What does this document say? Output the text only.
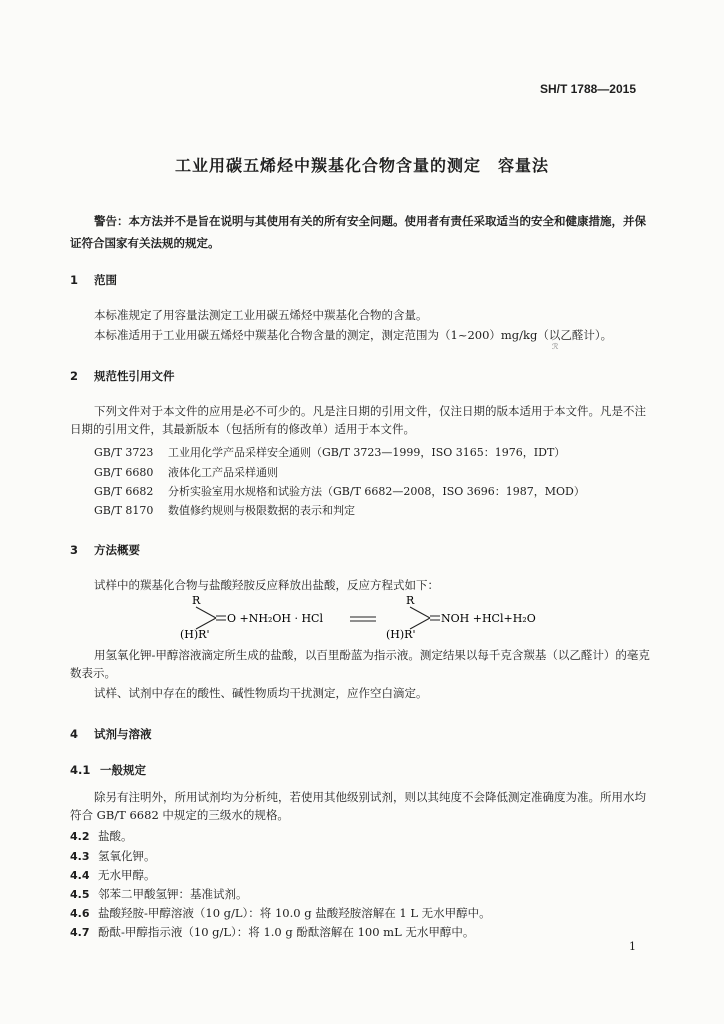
SH/T 1788—2015
工业用碳五烯烃中羰基化合物含量的测定　容量法
警告：本方法并不是旨在说明与其使用有关的所有安全问题。使用者有责任采取适当的安全和健康措施，并保证符合国家有关法规的规定。
1 范围
本标准规定了用容量法测定工业用碳五烯烃中羰基化合物的含量。
本标准适用于工业用碳五烯烃中羰基化合物含量的测定，测定范围为（1~200）mg/kg（以乙醛计）。
ℛ
2 规范性引用文件
下列文件对于本文件的应用是必不可少的。凡是注日期的引用文件，仅注日期的版本适用于本文件。凡是不注日期的引用文件，其最新版本（包括所有的修改单）适用于本文件。
GB/T 3723 工业用化学产品采样安全通则（GB/T 3723—1999，ISO 3165：1976，IDT）
GB/T 6680 液体化工产品采样通则
GB/T 6682 分析实验室用水规格和试验方法（GB/T 6682—2008，ISO 3696：1987，MOD）
GB/T 8170 数值修约规则与极限数据的表示和判定
3 方法概要
试样中的羰基化合物与盐酸羟胺反应释放出盐酸，反应方程式如下：
R
O +NH₂OH · HCl
(H)R'
R
NOH +HCl+H₂O
(H)R'
用氢氧化钾-甲醇溶液滴定所生成的盐酸，以百里酚蓝为指示液。测定结果以每千克含羰基（以乙醛计）的毫克数表示。
试样、试剂中存在的酸性、碱性物质均干扰测定，应作空白滴定。
4 试剂与溶液
4.1 一般规定
除另有注明外，所用试剂均为分析纯，若使用其他级别试剂，则以其纯度不会降低测定准确度为准。所用水均符合 GB/T 6682 中规定的三级水的规格。
4.2 盐酸。
4.3 氢氧化钾。
4.4 无水甲醇。
4.5 邻苯二甲酸氢钾：基准试剂。
4.6 盐酸羟胺-甲醇溶液（10 g/L）：将 10.0 g 盐酸羟胺溶解在 1 L 无水甲醇中。
4.7 酚酞-甲醇指示液（10 g/L）：将 1.0 g 酚酞溶解在 100 mL 无水甲醇中。
1
